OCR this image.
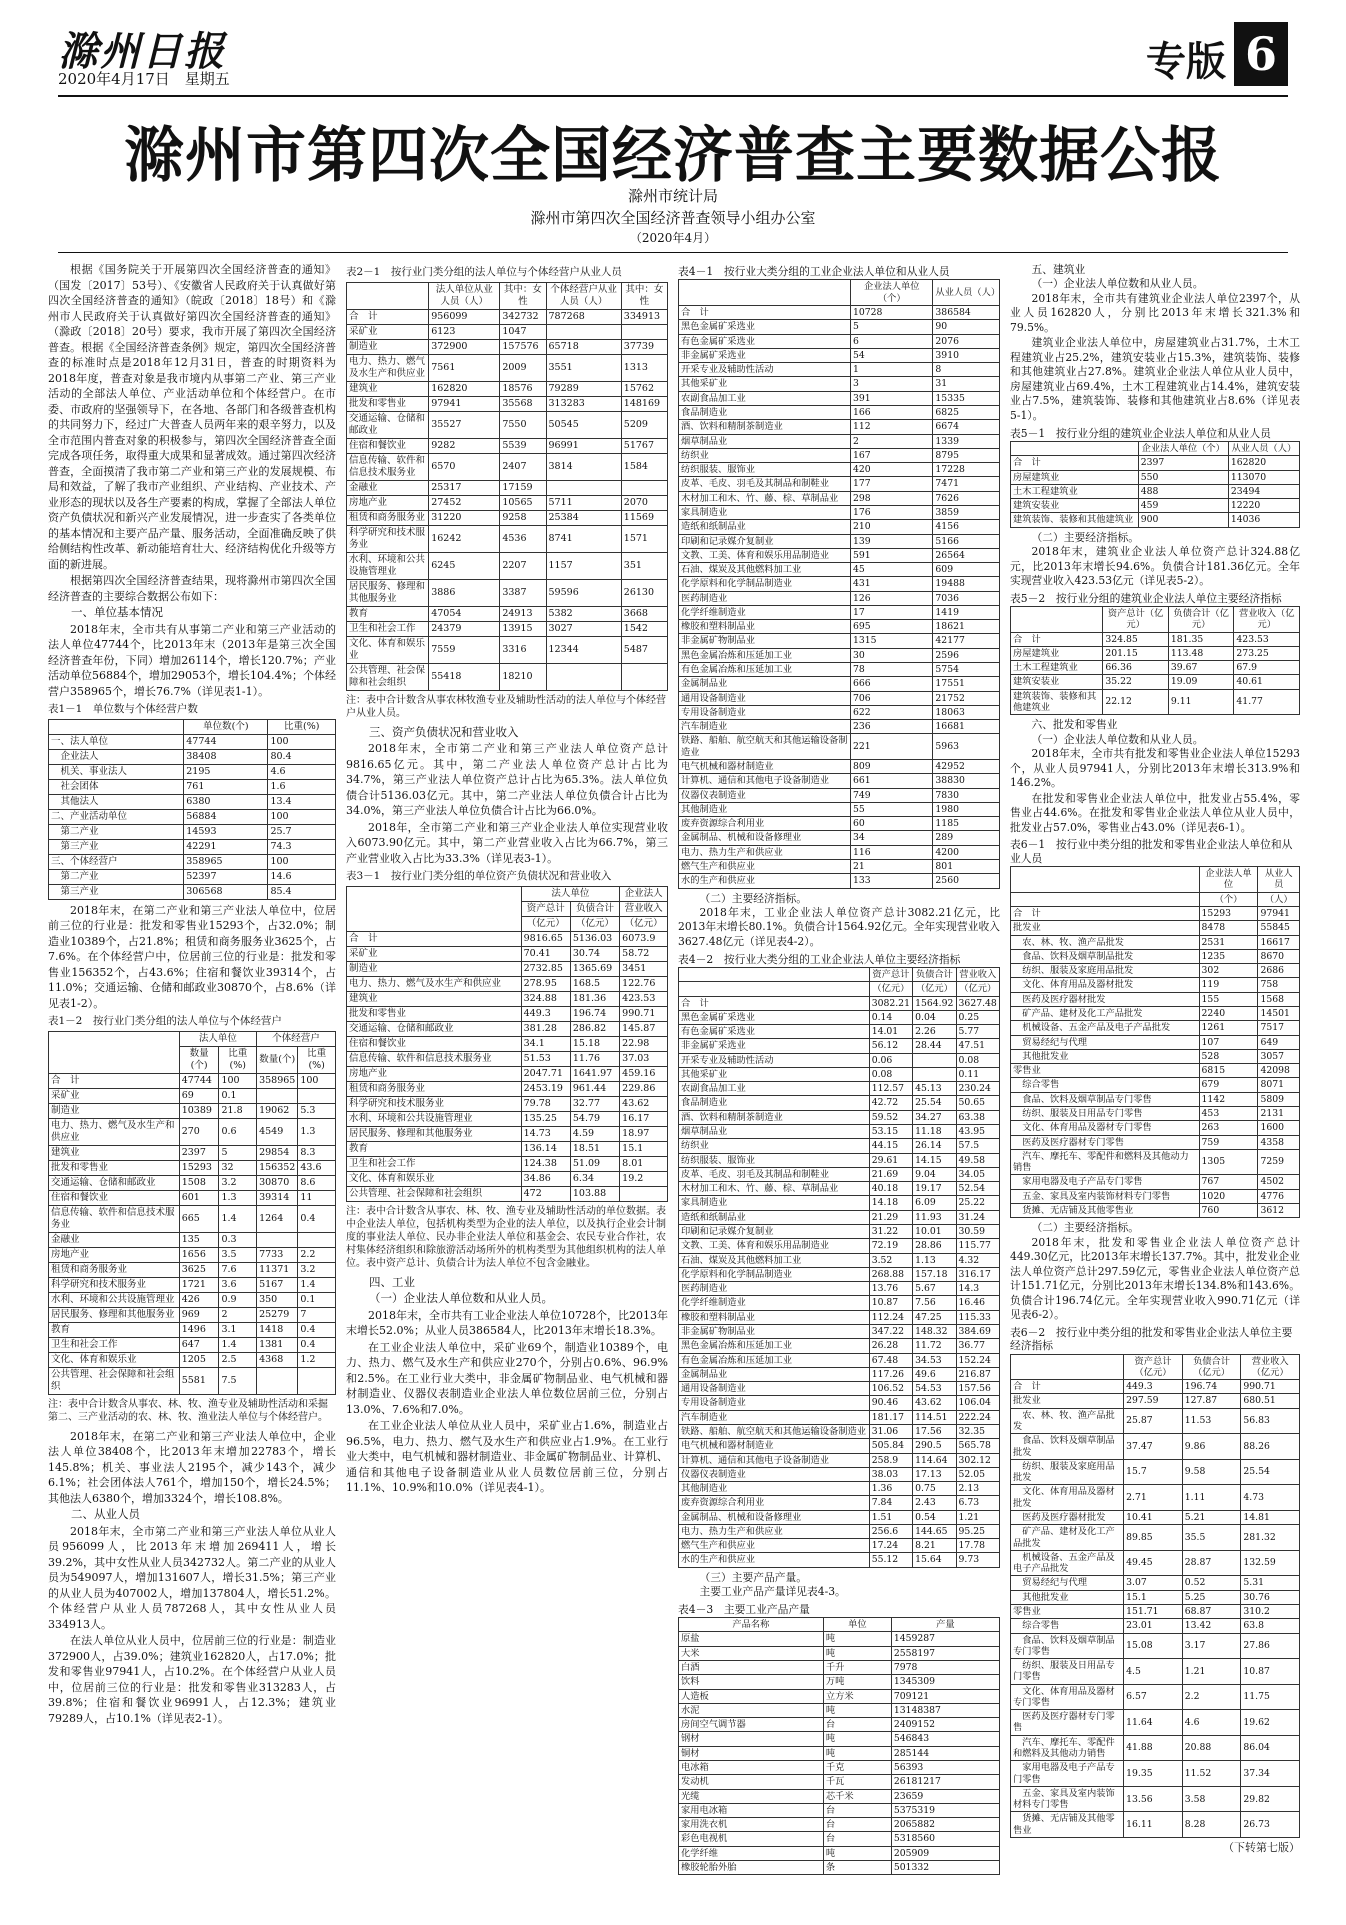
滁州日报
2020年4月17日　星期五	专版 6
滁州市第四次全国经济普查主要数据公报
滁州市统计局
滁州市第四次全国经济普查领导小组办公室
（2020年4月）

根据《国务院关于开展第四次全国经济普查的通知》（国发〔2017〕53号）、《安徽省人民政府关于认真做好第四次全国经济普查的通知》（皖政〔2018〕18号）和《滁州市人民政府关于认真做好第四次全国经济普查的通知》（滁政〔2018〕20号）要求，我市开展了第四次全国经济普查。根据《全国经济普查条例》规定，第四次全国经济普查的标准时点是2018年12月31日，普查的时期资料为2018年度，普查对象是我市境内从事第二产业、第三产业活动的全部法人单位、产业活动单位和个体经营户。在市委、市政府的坚强领导下，在各地、各部门和各级普查机构的共同努力下，经过广大普查人员两年来的艰辛努力，以及全市范围内普查对象的积极参与，第四次全国经济普查全面完成各项任务，取得重大成果和显著成效。通过第四次经济普查，全面摸清了我市第二产业和第三产业的发展规模、布局和效益，了解了我市产业组织、产业结构、产业技术、产业形态的现状以及各生产要素的构成，掌握了全部法人单位资产负债状况和新兴产业发展情况，进一步查实了各类单位的基本情况和主要产品产量、服务活动，全面准确反映了供给侧结构性改革、新动能培育壮大、经济结构优化升级等方面的新进展。

根据第四次全国经济普查结果，现将滁州市第四次全国经济普查的主要综合数据公布如下：

一、单位基本情况

2018年末，全市共有从事第二产业和第三产业活动的法人单位47744个，比2013年末（2013年是第三次全国经济普查年份，下同）增加26114个，增长120.7%；产业活动单位56884个，增加29053个，增长104.4%；个体经营户358965个，增长76.7%（详见表1-1）。

表1－1　单位数与个体经营户数
	单位数(个)	比重(%)
一、法人单位	47744	100
　企业法人	38408	80.4
　机关、事业法人	2195	4.6
　社会团体	761	1.6
　其他法人	6380	13.4
二、产业活动单位	56884	100
　第二产业	14593	25.7
　第三产业	42291	74.3
三、个体经营户	358965	100
　第二产业	52397	14.6
　第三产业	306568	85.4

2018年末，在第二产业和第三产业法人单位中，位居前三位的行业是：批发和零售业15293个，占32.0%；制造业10389个，占21.8%；租赁和商务服务业3625个，占7.6%。在个体经营户中，位居前三位的行业是：批发和零售业156352个，占43.6%；住宿和餐饮业39314个，占11.0%；交通运输、仓储和邮政业30870个，占8.6%（详见表1-2）。

表1－2　按行业门类分组的法人单位与个体经营户
	法人单位		个体经营户	
	数量(个)	比重(%)	数量(个)	比重(%)
合　计	47744	100	358965	100
采矿业	69	0.1		
制造业	10389	21.8	19062	5.3
电力、热力、燃气及水生产和供应业	270	0.6	4549	1.3
建筑业	2397	5	29854	8.3
批发和零售业	15293	32	156352	43.6
交通运输、仓储和邮政业	1508	3.2	30870	8.6
住宿和餐饮业	601	1.3	39314	11
信息传输、软件和信息技术服务业	665	1.4	1264	0.4
金融业	135	0.3		
房地产业	1656	3.5	7733	2.2
租赁和商务服务业	3625	7.6	11371	3.2
科学研究和技术服务业	1721	3.6	5167	1.4
水利、环境和公共设施管理业	426	0.9	350	0.1
居民服务、修理和其他服务业	969	2	25279	7
教育	1496	3.1	1418	0.4
卫生和社会工作	647	1.4	1381	0.4
文化、体育和娱乐业	1205	2.5	4368	1.2
公共管理、社会保障和社会组织	5581	7.5		
注：表中合计数含从事农、林、牧、渔专业及辅助性活动和采掘第二、三产业活动的农、林、牧、渔业法人单位与个体经营户。

2018年末，在第二产业和第三产业法人单位中，企业法人单位38408个，比2013年末增加22783个，增长145.8%；机关、事业法人2195个，减少143个，减少6.1%；社会团体法人761个，增加150个，增长24.5%；其他法人6380个，增加3324个，增长108.8%。

二、从业人员

2018年末，全市第二产业和第三产业法人单位从业人员956099人，比2013年末增加269411人，增长39.2%，其中女性从业人员342732人。第二产业的从业人员为549097人，增加131607人，增长31.5%；第三产业的从业人员为407002人，增加137804人，增长51.2%。个体经营户从业人员787268人，其中女性从业人员334913人。

在法人单位从业人员中，位居前三位的行业是：制造业372900人，占39.0%；建筑业162820人，占17.0%；批发和零售业97941人，占10.2%。在个体经营户从业人员中，位居前三位的行业是：批发和零售业313283人，占39.8%；住宿和餐饮业96991人，占12.3%；建筑业79289人，占10.1%（详见表2-1）。

表2－1　按行业门类分组的法人单位与个体经营户从业人员
	法人单位从业人员（人）	其中：女性	个体经营户从业人员（人）	其中：女性
合　计	956099	342732	787268	334913
采矿业	6123	1047		
制造业	372900	157576	65718	37739
电力、热力、燃气及水生产和供应业	7561	2009	3551	1313
建筑业	162820	18576	79289	15762
批发和零售业	97941	35568	313283	148169
交通运输、仓储和邮政业	35527	7550	50545	5209
住宿和餐饮业	9282	5539	96991	51767
信息传输、软件和信息技术服务业	6570	2407	3814	1584
金融业	25317	17159		
房地产业	27452	10565	5711	2070
租赁和商务服务业	31220	9258	25384	11569
科学研究和技术服务业	16242	4536	8741	1571
水利、环境和公共设施管理业	6245	2207	1157	351
居民服务、修理和其他服务业	3886	3387	59596	26130
教育	47054	24913	5382	3668
卫生和社会工作	24379	13915	3027	1542
文化、体育和娱乐业	7559	3316	12344	5487
公共管理、社会保障和社会组织	55418	18210		
注：表中合计数含从事农林牧渔专业及辅助性活动的法人单位与个体经营户从业人员。
三、资产负债状况和营业收入

2018年末，全市第二产业和第三产业法人单位资产总计9816.65亿元。其中，第二产业法人单位资产总计占比为34.7%，第三产业法人单位资产总计占比为65.3%。法人单位负债合计5136.03亿元。其中，第二产业法人单位负债合计占比为34.0%，第三产业法人单位负债合计占比为66.0%。

2018年，全市第二产业和第三产业企业法人单位实现营业收入6073.90亿元。其中，第二产业营业收入占比为66.7%，第三产业营业收入占比为33.3%（详见表3-1）。

表3－1　按行业门类分组的单位资产负债状况和营业收入
	法人单位		企业法人
	资产总计	负债合计	营业收入
	（亿元）	（亿元）	（亿元）
合　计	9816.65	5136.03	6073.9
采矿业	70.41	30.74	58.72
制造业	2732.85	1365.69	3451
电力、热力、燃气及水生产和供应业	278.95	168.5	122.76
建筑业	324.88	181.36	423.53
批发和零售业	449.3	196.74	990.71
交通运输、仓储和邮政业	381.28	286.82	145.87
住宿和餐饮业	34.1	15.18	22.98
信息传输、软件和信息技术服务业	51.53	11.76	37.03
房地产业	2047.71	1641.97	459.16
租赁和商务服务业	2453.19	961.44	229.86
科学研究和技术服务业	79.78	32.77	43.62
水利、环境和公共设施管理业	135.25	54.79	16.17
居民服务、修理和其他服务业	14.73	4.59	18.97
教育	136.14	18.51	15.1
卫生和社会工作	124.38	51.09	8.01
文化、体育和娱乐业	34.86	6.34	19.2
公共管理、社会保障和社会组织	472	103.88	
注：表中合计数含从事农、林、牧、渔专业及辅助性活动的单位数据。表中企业法人单位，包括机构类型为企业的法人单位，以及执行企业会计制度的事业法人单位、民办非企业法人单位和基金会、农民专业合作社，农村集体经济组织和除旅游活动场所外的机构类型为其他组织机构的法人单位。表中资产总计、负债合计为法人单位不包含金融业。
四、工业
（一）企业法人单位数和从业人员。

2018年末，全市共有工业企业法人单位10728个，比2013年末增长52.0%；从业人员386584人，比2013年末增长18.3%。

在工业企业法人单位中，采矿业69个，制造业10389个，电力、热力、燃气及水生产和供应业270个，分别占0.6%、96.9%和2.5%。在工业行业大类中，非金属矿物制品业、电气机械和器材制造业、仪器仪表制造业企业法人单位数位居前三位，分别占13.0%、7.6%和7.0%。

在工业企业法人单位从业人员中，采矿业占1.6%，制造业占96.5%，电力、热力、燃气及水生产和供应业占1.9%。在工业行业大类中，电气机械和器材制造业、非金属矿物制品业、计算机、通信和其他电子设备制造业从业人员数位居前三位，分别占11.1%、10.9%和10.0%（详见表4-1）。

表4－1　按行业大类分组的工业企业法人单位和从业人员
	企业法人单位（个）	从业人员（人）
合　计	10728	386584
黑色金属矿采选业	5	90
有色金属矿采选业	6	2076
非金属矿采选业	54	3910
开采专业及辅助性活动	1	8
其他采矿业	3	31
农副食品加工业	391	15335
食品制造业	166	6825
酒、饮料和精制茶制造业	112	6674
烟草制品业	2	1339
纺织业	167	8795
纺织服装、服饰业	420	17228
皮革、毛皮、羽毛及其制品和制鞋业	177	7471
木材加工和木、竹、藤、棕、草制品业	298	7626
家具制造业	176	3859
造纸和纸制品业	210	4156
印刷和记录媒介复制业	139	5166
文教、工美、体育和娱乐用品制造业	591	26564
石油、煤炭及其他燃料加工业	45	609
化学原料和化学制品制造业	431	19488
医药制造业	126	7036
化学纤维制造业	17	1419
橡胶和塑料制品业	695	18621
非金属矿物制品业	1315	42177
黑色金属冶炼和压延加工业	30	2596
有色金属冶炼和压延加工业	78	5754
金属制品业	666	17551
通用设备制造业	706	21752
专用设备制造业	622	18063
汽车制造业	236	16681
铁路、船舶、航空航天和其他运输设备制造业	221	5963
电气机械和器材制造业	809	42952
计算机、通信和其他电子设备制造业	661	38830
仪器仪表制造业	749	7830
其他制造业	55	1980
废弃资源综合利用业	60	1185
金属制品、机械和设备修理业	34	289
电力、热力生产和供应业	116	4200
燃气生产和供应业	21	801
水的生产和供应业	133	2560
（二）主要经济指标。

2018年末，工业企业法人单位资产总计3082.21亿元，比2013年末增长80.1%。负债合计1564.92亿元。全年实现营业收入3627.48亿元（详见表4-2）。

表4－2　按行业大类分组的工业企业法人单位主要经济指标
	资产总计	负债合计	营业收入
	（亿元）	（亿元）	（亿元）
合　计	3082.21	1564.92	3627.48
黑色金属矿采选业	0.14	0.04	0.25
有色金属矿采选业	14.01	2.26	5.77
非金属矿采选业	56.12	28.44	47.51
开采专业及辅助性活动	0.06		0.08
其他采矿业	0.08		0.11
农副食品加工业	112.57	45.13	230.24
食品制造业	42.72	25.54	50.65
酒、饮料和精制茶制造业	59.52	34.27	63.38
烟草制品业	53.15	11.18	43.95
纺织业	44.15	26.14	57.5
纺织服装、服饰业	29.61	14.15	49.58
皮革、毛皮、羽毛及其制品和制鞋业	21.69	9.04	34.05
木材加工和木、竹、藤、棕、草制品业	40.18	19.17	52.54
家具制造业	14.18	6.09	25.22
造纸和纸制品业	21.29	11.93	31.24
印刷和记录媒介复制业	31.22	10.01	30.59
文教、工美、体育和娱乐用品制造业	72.19	28.86	115.77
石油、煤炭及其他燃料加工业	3.52	1.13	4.32
化学原料和化学制品制造业	268.88	157.18	316.17
医药制造业	13.76	5.67	14.3
化学纤维制造业	10.87	7.56	16.46
橡胶和塑料制品业	112.24	47.25	115.33
非金属矿物制品业	347.22	148.32	384.69
黑色金属冶炼和压延加工业	26.28	11.72	36.77
有色金属冶炼和压延加工业	67.48	34.53	152.24
金属制品业	117.26	49.6	216.87
通用设备制造业	106.52	54.53	157.56
专用设备制造业	90.46	43.62	106.04
汽车制造业	181.17	114.51	222.24
铁路、船舶、航空航天和其他运输设备制造业	31.06	17.56	32.35
电气机械和器材制造业	505.84	290.5	565.78
计算机、通信和其他电子设备制造业	258.9	114.64	302.12
仪器仪表制造业	38.03	17.13	52.05
其他制造业	1.36	0.75	2.13
废弃资源综合利用业	7.84	2.43	6.73
金属制品、机械和设备修理业	1.51	0.54	1.21
电力、热力生产和供应业	256.6	144.65	95.25
燃气生产和供应业	17.24	8.21	17.78
水的生产和供应业	55.12	15.64	9.73
（三）主要产品产量。

主要工业产品产量详见表4-3。

表4－3　主要工业产品产量
产品名称	单位	产量
原盐	吨	1459287
大米	吨	2558197
白酒	千升	7978
饮料	万吨	1345309
人造板	立方米	709121
水泥	吨	13148387
房间空气调节器	台	2409152
钢材	吨	546843
铜材	吨	285144
电冰箱	千克	56393
发动机	千瓦	26181217
光缆	芯千米	23659
家用电冰箱	台	5375319
家用洗衣机	台	2065882
彩色电视机	台	5318560
化学纤维	吨	205909
橡胶轮胎外胎	条	501332
五、建筑业
（一）企业法人单位数和从业人员。

2018年末，全市共有建筑业企业法人单位2397个，从业人员162820人，分别比2013年末增长321.3%和79.5%。

建筑业企业法人单位中，房屋建筑业占31.7%，土木工程建筑业占25.2%，建筑安装业占15.3%，建筑装饰、装修和其他建筑业占27.8%。建筑业企业法人单位从业人员中，房屋建筑业占69.4%，土木工程建筑业占14.4%，建筑安装业占7.5%，建筑装饰、装修和其他建筑业占8.6%（详见表5-1）。

表5－1　按行业分组的建筑业企业法人单位和从业人员
	企业法人单位（个）	从业人员（人）
合　计	2397	162820
房屋建筑业	550	113070
土木工程建筑业	488	23494
建筑安装业	459	12220
建筑装饰、装修和其他建筑业	900	14036
（二）主要经济指标。

2018年末，建筑业企业法人单位资产总计324.88亿元，比2013年末增长94.6%。负债合计181.36亿元。全年实现营业收入423.53亿元（详见表5-2）。

表5－2　按行业分组的建筑业企业法人单位主要经济指标
	资产总计（亿元）	负债合计（亿元）	营业收入（亿元）
合　计	324.85	181.35	423.53
房屋建筑业	201.15	113.48	273.25
土木工程建筑业	66.36	39.67	67.9
建筑安装业	35.22	19.09	40.61
建筑装饰、装修和其他建筑业	22.12	9.11	41.77
六、批发和零售业
（一）企业法人单位数和从业人员。

2018年末，全市共有批发和零售业企业法人单位15293个，从业人员97941人，分别比2013年末增长313.9%和146.2%。

在批发和零售业企业法人单位中，批发业占55.4%，零售业占44.6%。在批发和零售业企业法人单位从业人员中，批发业占57.0%，零售业占43.0%（详见表6-1）。

表6－1　按行业中类分组的批发和零售业企业法人单位和从业人员
	企业法人单位	从业人员
	（个）	（人）
合　计	15293	97941
批发业	8478	55845
　农、林、牧、渔产品批发	2531	16617
　食品、饮料及烟草制品批发	1235	8670
　纺织、服装及家庭用品批发	302	2686
　文化、体育用品及器材批发	119	758
　医药及医疗器材批发	155	1568
　矿产品、建材及化工产品批发	2240	14501
　机械设备、五金产品及电子产品批发	1261	7517
　贸易经纪与代理	107	649
　其他批发业	528	3057
零售业	6815	42098
　综合零售	679	8071
　食品、饮料及烟草制品专门零售	1142	5809
　纺织、服装及日用品专门零售	453	2131
　文化、体育用品及器材专门零售	263	1600
　医药及医疗器材专门零售	759	4358
　汽车、摩托车、零配件和燃料及其他动力销售	1305	7259
　家用电器及电子产品专门零售	767	4502
　五金、家具及室内装饰材料专门零售	1020	4776
　货摊、无店铺及其他零售业	760	3612
（二）主要经济指标。

2018年末，批发和零售业企业法人单位资产总计449.30亿元，比2013年末增长137.7%。其中，批发业企业法人单位资产总计297.59亿元，零售业企业法人单位资产总计151.71亿元，分别比2013年末增长134.8%和143.6%。负债合计196.74亿元。全年实现营业收入990.71亿元（详见表6-2）。

表6－2　按行业中类分组的批发和零售业企业法人单位主要经济指标
	资产总计（亿元）	负债合计（亿元）	营业收入（亿元）
合　计	449.3	196.74	990.71
批发业	297.59	127.87	680.51
　农、林、牧、渔产品批发	25.87	11.53	56.83
　食品、饮料及烟草制品批发	37.47	9.86	88.26
　纺织、服装及家庭用品批发	15.7	9.58	25.54
　文化、体育用品及器材批发	2.71	1.11	4.73
　医药及医疗器材批发	10.41	5.21	14.81
　矿产品、建材及化工产品批发	89.85	35.5	281.32
　机械设备、五金产品及电子产品批发	49.45	28.87	132.59
　贸易经纪与代理	3.07	0.52	5.31
　其他批发业	15.1	5.25	30.76
零售业	151.71	68.87	310.2
　综合零售	23.01	13.42	63.8
　食品、饮料及烟草制品专门零售	15.08	3.17	27.86
　纺织、服装及日用品专门零售	4.5	1.21	10.87
　文化、体育用品及器材专门零售	6.57	2.2	11.75
　医药及医疗器材专门零售	11.64	4.6	19.62
　汽车、摩托车、零配件和燃料及其他动力销售	41.88	20.88	86.04
　家用电器及电子产品专门零售	19.35	11.52	37.34
　五金、家具及室内装饰材料专门零售	13.56	3.58	29.82
　货摊、无店铺及其他零售业	16.11	8.28	26.73
（下转第七版）
